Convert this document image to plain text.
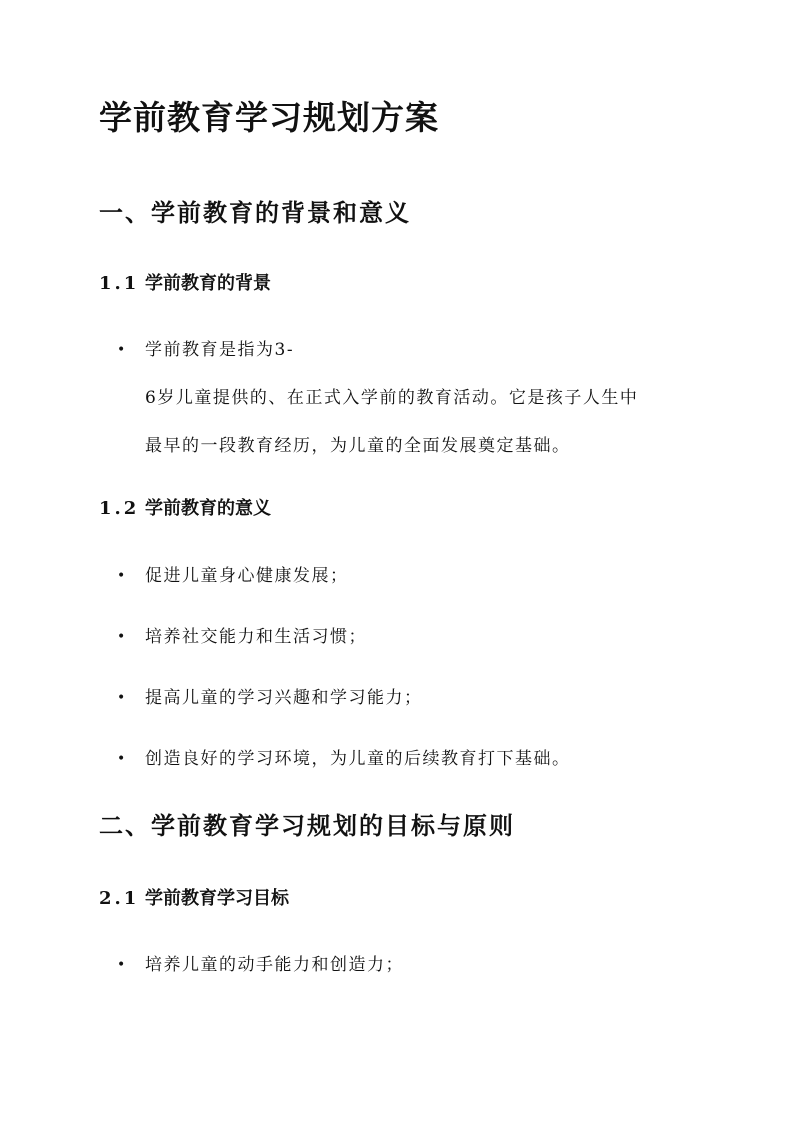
学前教育学习规划方案
一、学前教育的背景和意义
1.1 学前教育的背景
•	学前教育是指为3-
6岁儿童提供的、在正式入学前的教育活动。它是孩子人生中
最早的一段教育经历，为儿童的全面发展奠定基础。
1.2 学前教育的意义
•	促进儿童身心健康发展；
•	培养社交能力和生活习惯；
•	提高儿童的学习兴趣和学习能力；
•	创造良好的学习环境，为儿童的后续教育打下基础。
二、学前教育学习规划的目标与原则
2.1 学前教育学习目标
•	培养儿童的动手能力和创造力；
